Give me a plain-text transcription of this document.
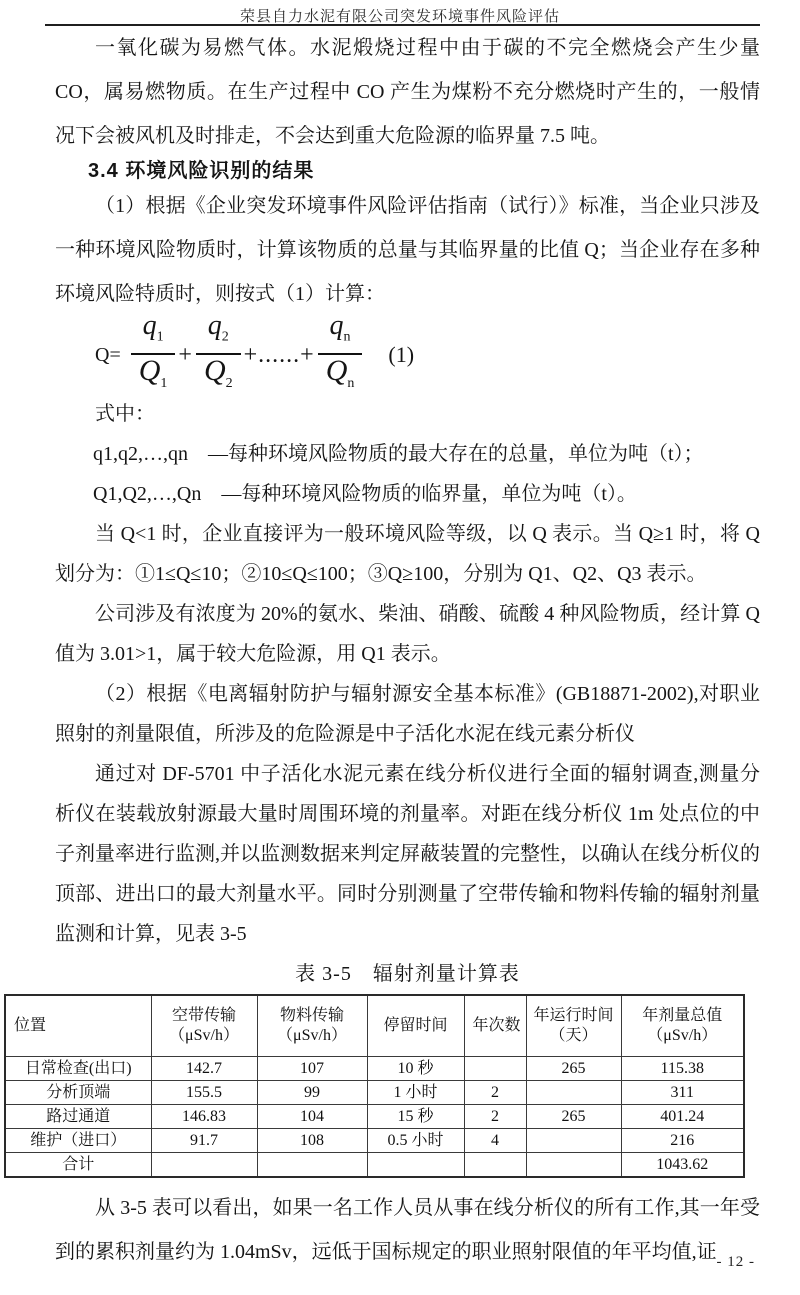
荣县自力水泥有限公司突发环境事件风险评估

一氧化碳为易燃气体。水泥煅烧过程中由于碳的不完全燃烧会产生少量 CO，属易燃物质。在生产过程中 CO 产生为煤粉不充分燃烧时产生的，一般情况下会被风机及时排走，不会达到重大危险源的临界量 7.5 吨。

3.4 环境风险识别的结果

（1）根据《企业突发环境事件风险评估指南（试行）》标准，当企业只涉及一种环境风险物质时，计算该物质的总量与其临界量的比值 Q；当企业存在多种环境风险特质时，则按式（1）计算：

$Q= \frac{q_1}{Q_1} + \frac{q_2}{Q_2}$ +......+ $\frac{q_n}{Q_n} (1)$

式中：

q1,q2,…,qn　—每种环境风险物质的最大存在的总量，单位为吨（t）；

Q1,Q2,…,Qn　—每种环境风险物质的临界量，单位为吨（t）。

当 Q<1 时，企业直接评为一般环境风险等级，以 Q 表示。当 Q≥1 时，将 Q 划分为：①1≤Q≤10；②10≤Q≤100；③Q≥100，分别为 Q1、Q2、Q3 表示。

公司涉及有浓度为 20%的氨水、柴油、硝酸、硫酸 4 种风险物质，经计算 Q 值为 3.01>1，属于较大危险源，用 Q1 表示。

（2）根据《电离辐射防护与辐射源安全基本标准》(GB18871-2002),对职业照射的剂量限值，所涉及的危险源是中子活化水泥在线元素分析仪

通过对 DF-5701 中子活化水泥元素在线分析仪进行全面的辐射调查,测量分析仪在装载放射源最大量时周围环境的剂量率。对距在线分析仪 1m 处点位的中子剂量率进行监测,并以监测数据来判定屏蔽装置的完整性，以确认在线分析仪的顶部、进出口的最大剂量水平。同时分别测量了空带传输和物料传输的辐射剂量监测和计算，见表 3-5

表 3-5　辐射剂量计算表

位置	空带传输（μSv/h）	物料传输（μSv/h）	停留时间	年次数	年运行时间（天）	年剂量总值（μSv/h）
日常检查(出口)	142.7	107	10 秒		265	115.38
分析顶端	155.5	99	1 小时	2		311
路过通道	146.83	104	15 秒	2	265	401.24
维护（进口）	91.7	108	0.5 小时	4		216
合计						1043.62

从 3-5 表可以看出，如果一名工作人员从事在线分析仪的所有工作,其一年受到的累积剂量约为 1.04mSv，远低于国标规定的职业照射限值的年平均值,证 - 12 -
